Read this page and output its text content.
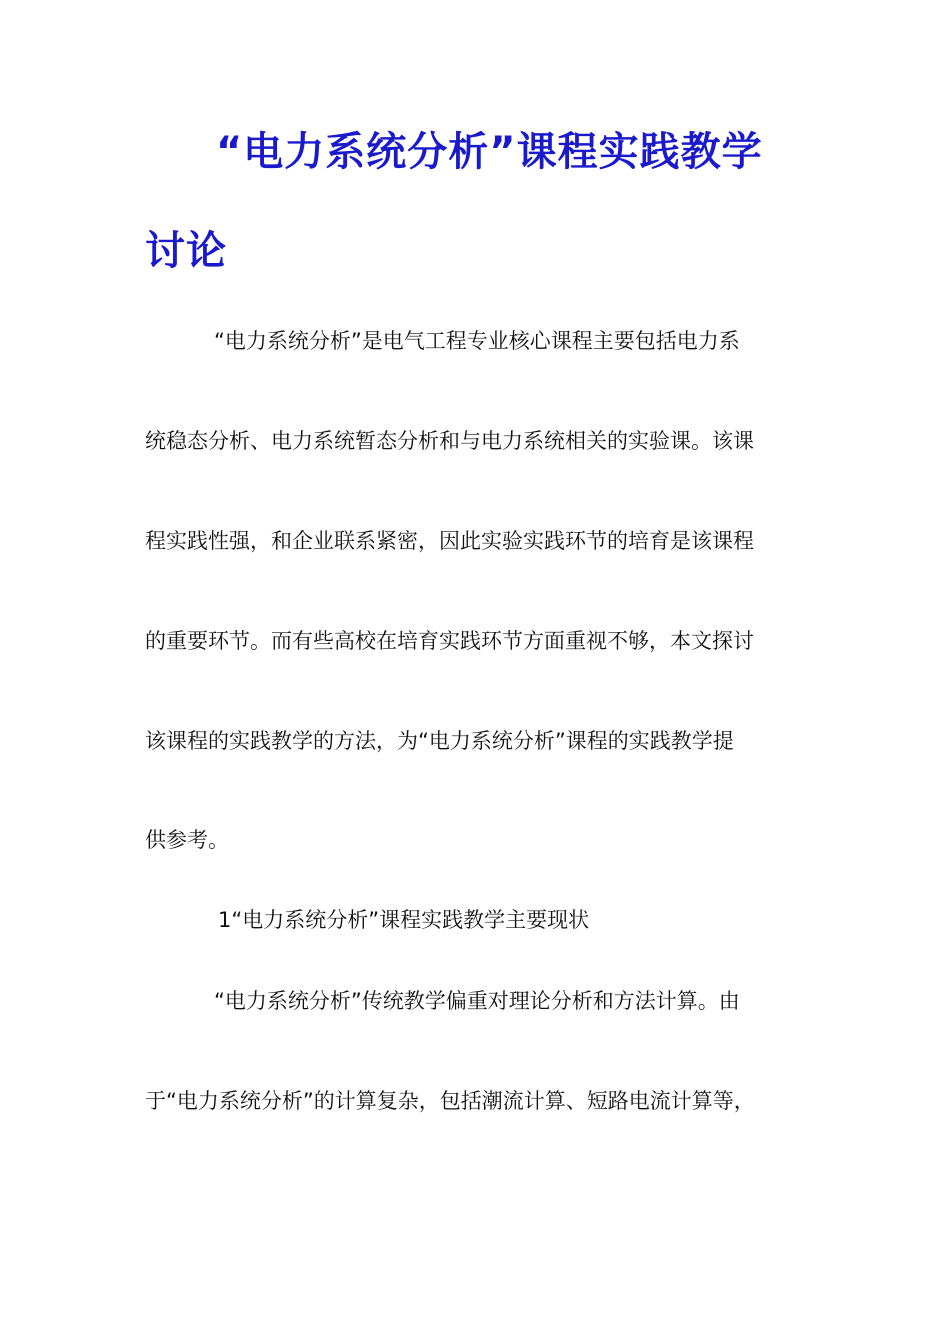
“电力系统分析”课程实践教学
讨论
“电力系统分析”是电气工程专业核心课程主要包括电力系
统稳态分析、电力系统暂态分析和与电力系统相关的实验课。该课
程实践性强，和企业联系紧密，因此实验实践环节的培育是该课程
的重要环节。而有些高校在培育实践环节方面重视不够，本文探讨
该课程的实践教学的方法，为“电力系统分析”课程的实践教学提
供参考。
1“电力系统分析”课程实践教学主要现状
“电力系统分析”传统教学偏重对理论分析和方法计算。由
于“电力系统分析”的计算复杂，包括潮流计算、短路电流计算等，
